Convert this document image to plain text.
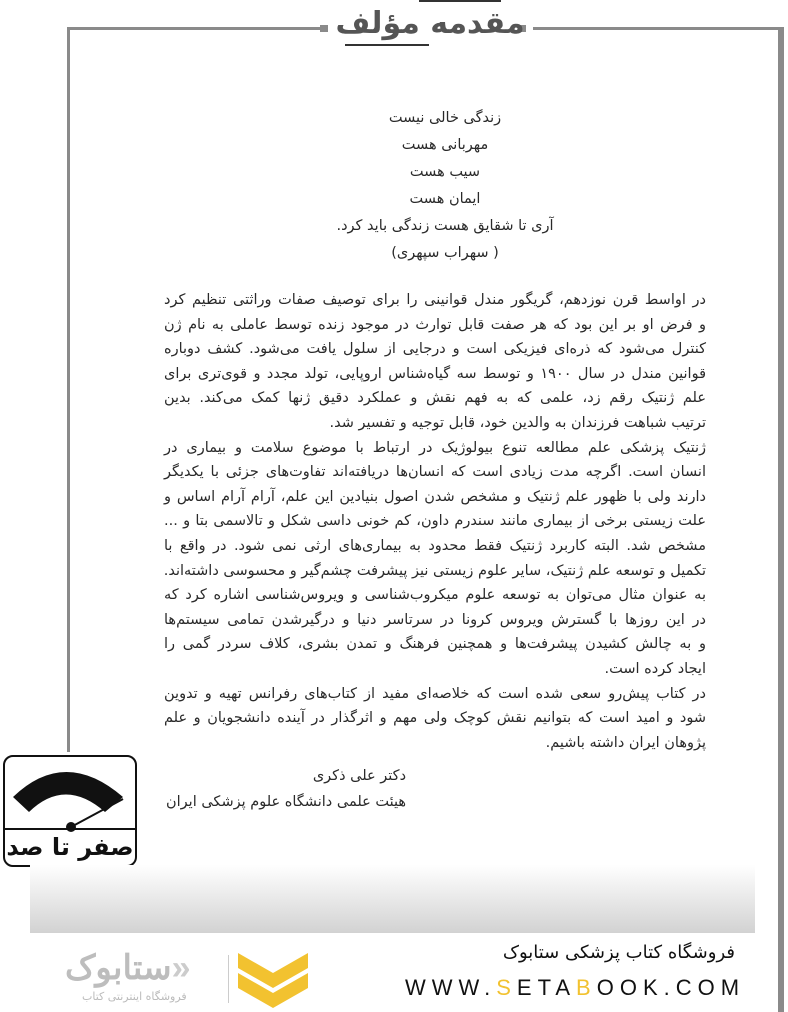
مقدمه مؤلف
زندگی خالی نیست
مهربانی هست
سیب هست
ایمان هست
آری تا شقایق هست زندگی باید کرد.
( سهراب سپهری)
در اواسط قرن نوزدهم، گریگور مندل قوانینی را برای توصیف صفات وراثتی تنظیم کرد
و فرض او بر این بود که هر صفت قابل توارث در موجود زنده توسط عاملی به نام ژن
کنترل می‌شود که ذره‌ای فیزیکی است و درجایی از سلول یافت می‌شود. کشف دوباره
قوانین مندل در سال ۱۹۰۰ و توسط سه گیاه‌شناس اروپایی، تولد مجدد و قوی‌تری برای
علم ژنتیک رقم زد، علمی که به فهم نقش و عملکرد دقیق ژنها کمک می‌کند. بدین
ترتیب شباهت فرزندان به والدین خود، قابل توجیه و تفسیر شد.
ژنتیک پزشکی علم مطالعه تنوع بیولوژیک در ارتباط با موضوع سلامت و بیماری در
انسان است. اگرچه مدت زیادی است که انسان‌ها دریافته‌اند تفاوت‌های جزئی با یکدیگر
دارند ولی با ظهور علم ژنتیک و مشخص شدن اصول بنیادین این علم، آرام آرام اساس و
علت زیستی برخی از بیماری مانند سندرم داون، کم خونی داسی شکل و تالاسمی بتا و ...
مشخص شد. البته کاربرد ژنتیک فقط محدود به بیماری‌های ارثی نمی شود. در واقع با
تکمیل و توسعه علم ژنتیک، سایر علوم زیستی نیز پیشرفت چشم‌گیر و محسوسی داشته‌اند.
به عنوان مثال می‌توان به توسعه علوم میکروب‌شناسی و ویروس‌شناسی اشاره کرد که
در این روزها با گسترش ویروس کرونا در سرتاسر دنیا و درگیرشدن تمامی سیستم‌ها
و به چالش کشیدن پیشرفت‌ها و همچنین فرهنگ و تمدن بشری، کلاف سردر گمی را
ایجاد کرده است.
در کتاب پیش‌رو سعی شده است که خلاصه‌ای مفید از کتاب‌های رفرانس تهیه و تدوین
شود و امید است که بتوانیم نقش کوچک ولی مهم و اثرگذار در آینده دانشجویان و علم
پژوهان ایران داشته باشیم.
دکتر علی ذکری
هیئت علمی دانشگاه علوم پزشکی ایران
صفر تا صد
«ستابوک
فروشگاه اینترنتی کتاب
فروشگاه کتاب پزشکی ستابوک
WWW.SETABOOK.COM
